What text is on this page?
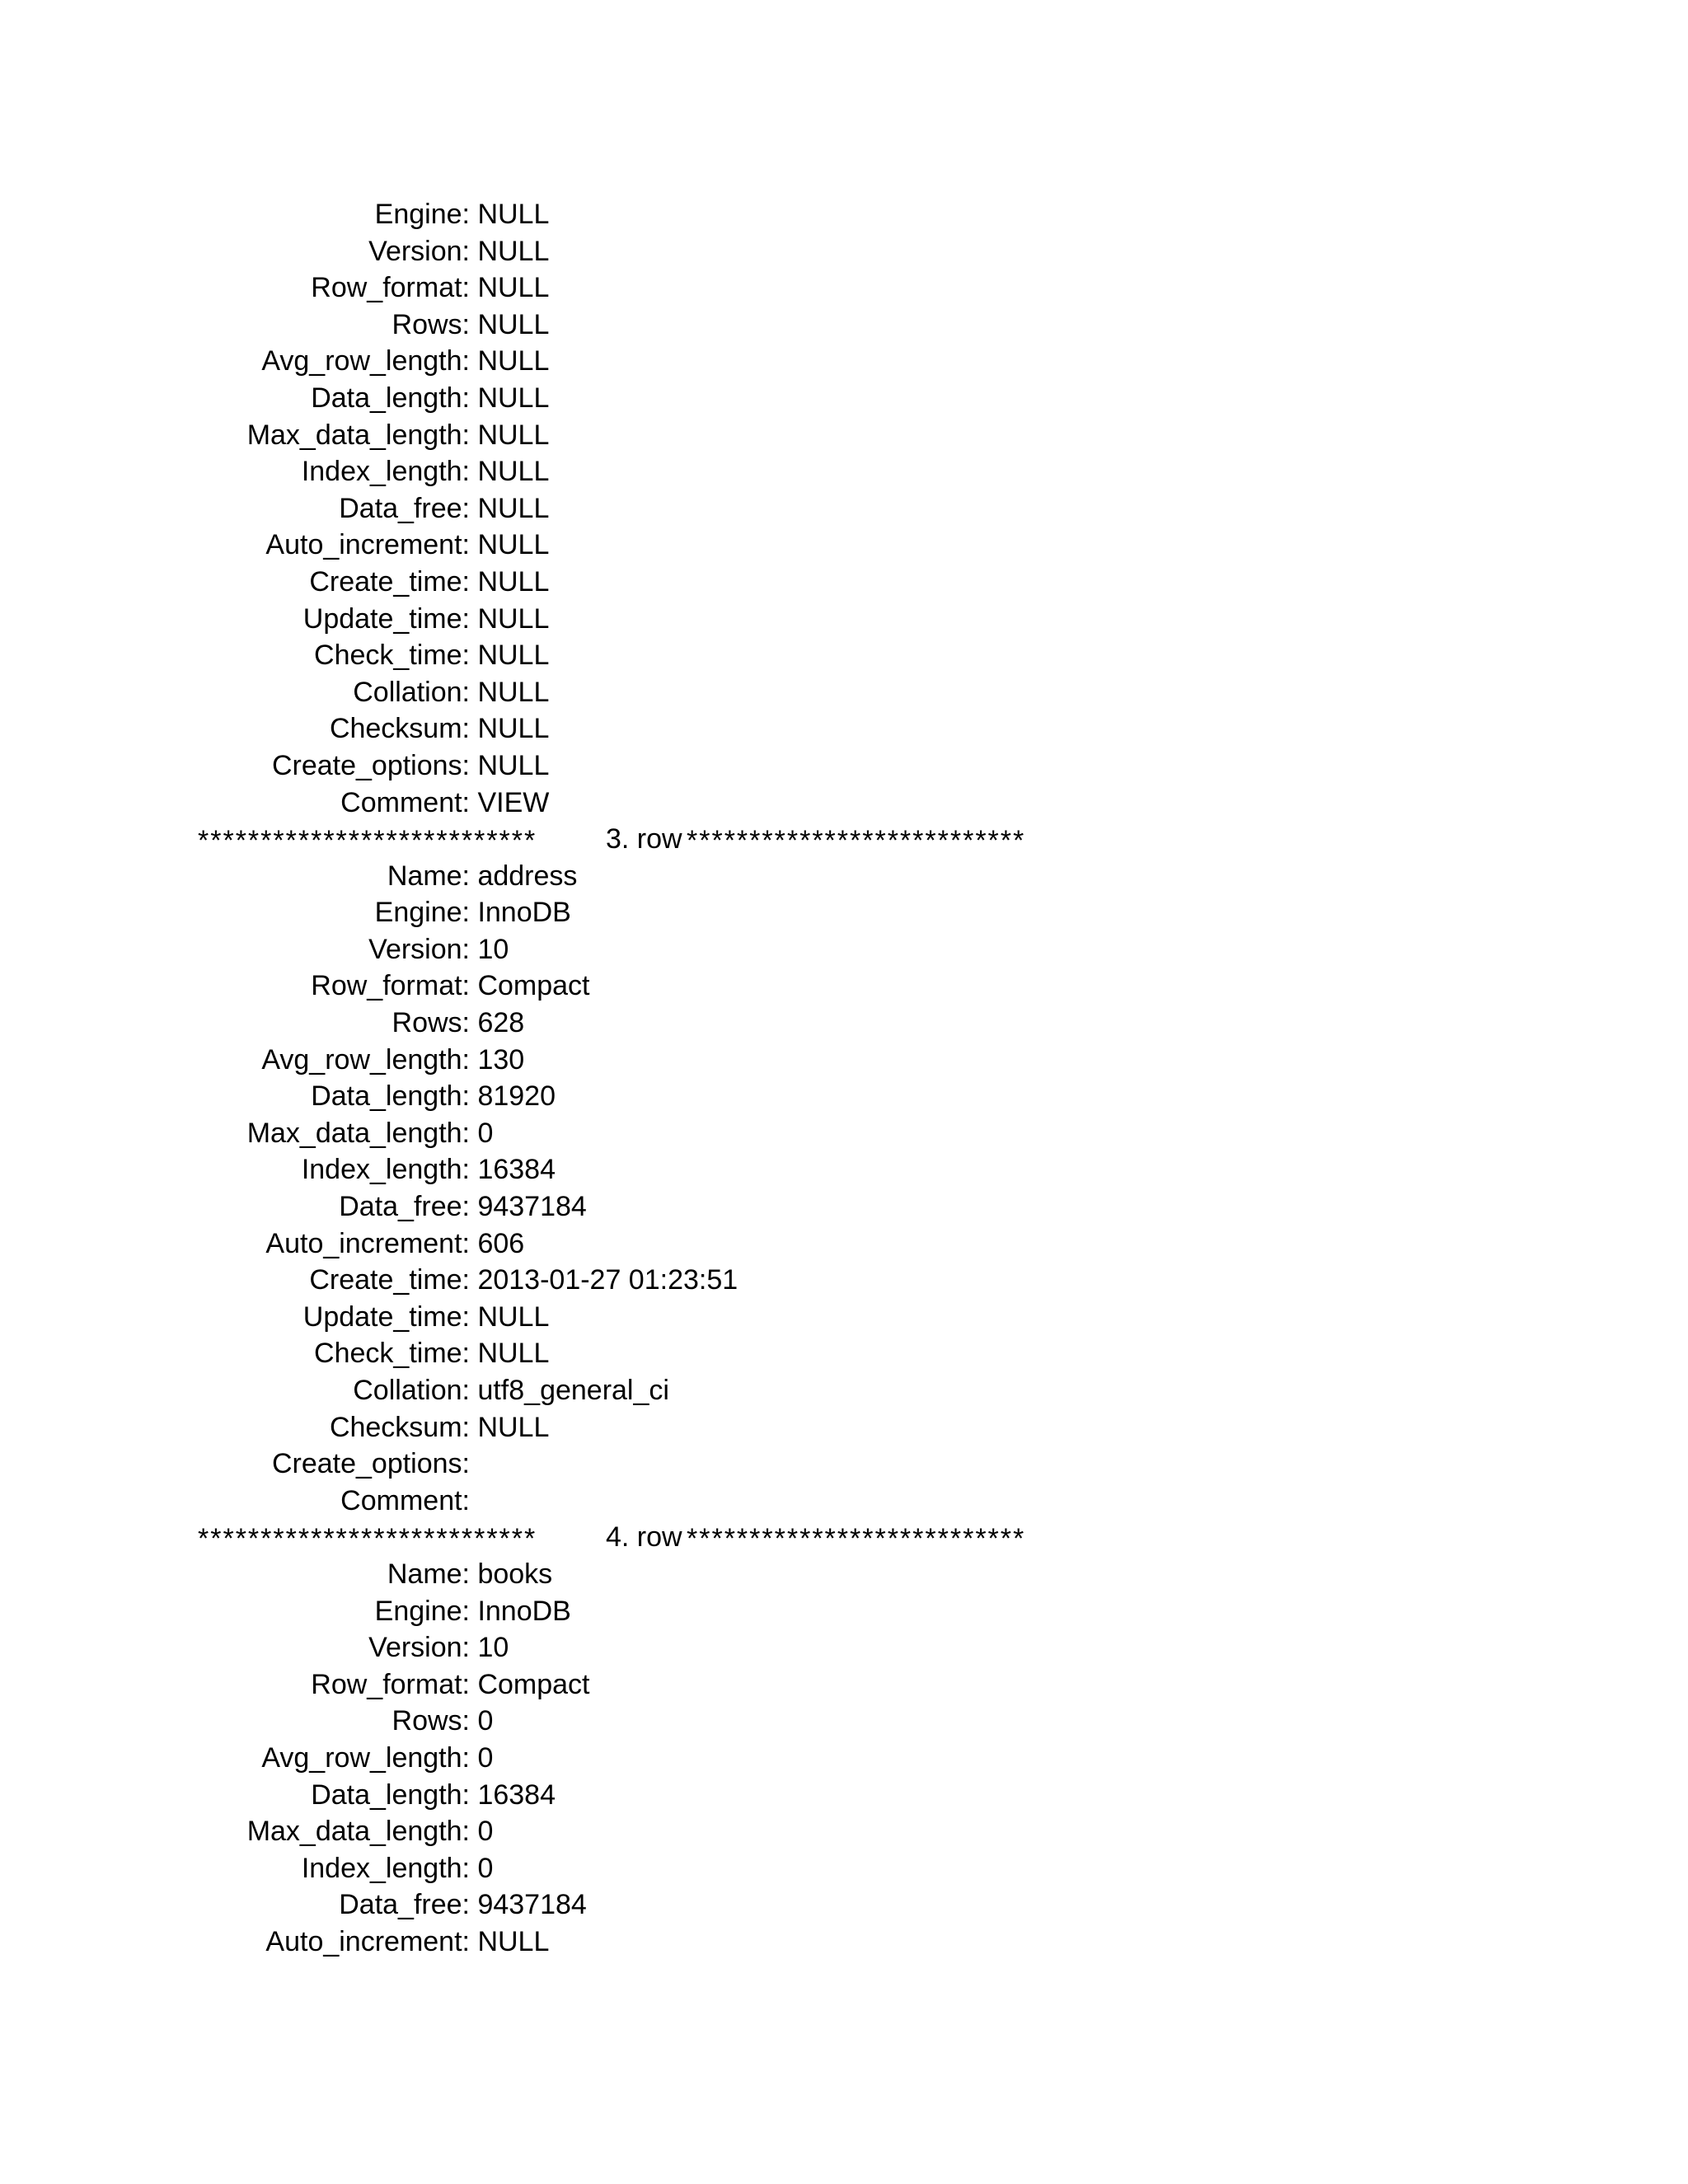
Engine: NULL
Version: NULL
Row_format: NULL
Rows: NULL
Avg_row_length: NULL
Data_length: NULL
Max_data_length: NULL
Index_length: NULL
Data_free: NULL
Auto_increment: NULL
Create_time: NULL
Update_time: NULL
Check_time: NULL
Collation: NULL
Checksum: NULL
Create_options: NULL
Comment: VIEW

***************************

3. row

***************************

Name: address
Engine: InnoDB
Version: 10
Row_format: Compact
Rows: 628
Avg_row_length: 130
Data_length: 81920
Max_data_length: 0
Index_length: 16384
Data_free: 9437184
Auto_increment: 606
Create_time: 2013-01-27 01:23:51
Update_time: NULL
Check_time: NULL
Collation: utf8_general_ci
Checksum: NULL
Create_options:
Comment:

***************************

4. row

***************************

Name: books
Engine: InnoDB
Version: 10
Row_format: Compact
Rows: 0
Avg_row_length: 0
Data_length: 16384
Max_data_length: 0
Index_length: 0
Data_free: 9437184
Auto_increment: NULL
